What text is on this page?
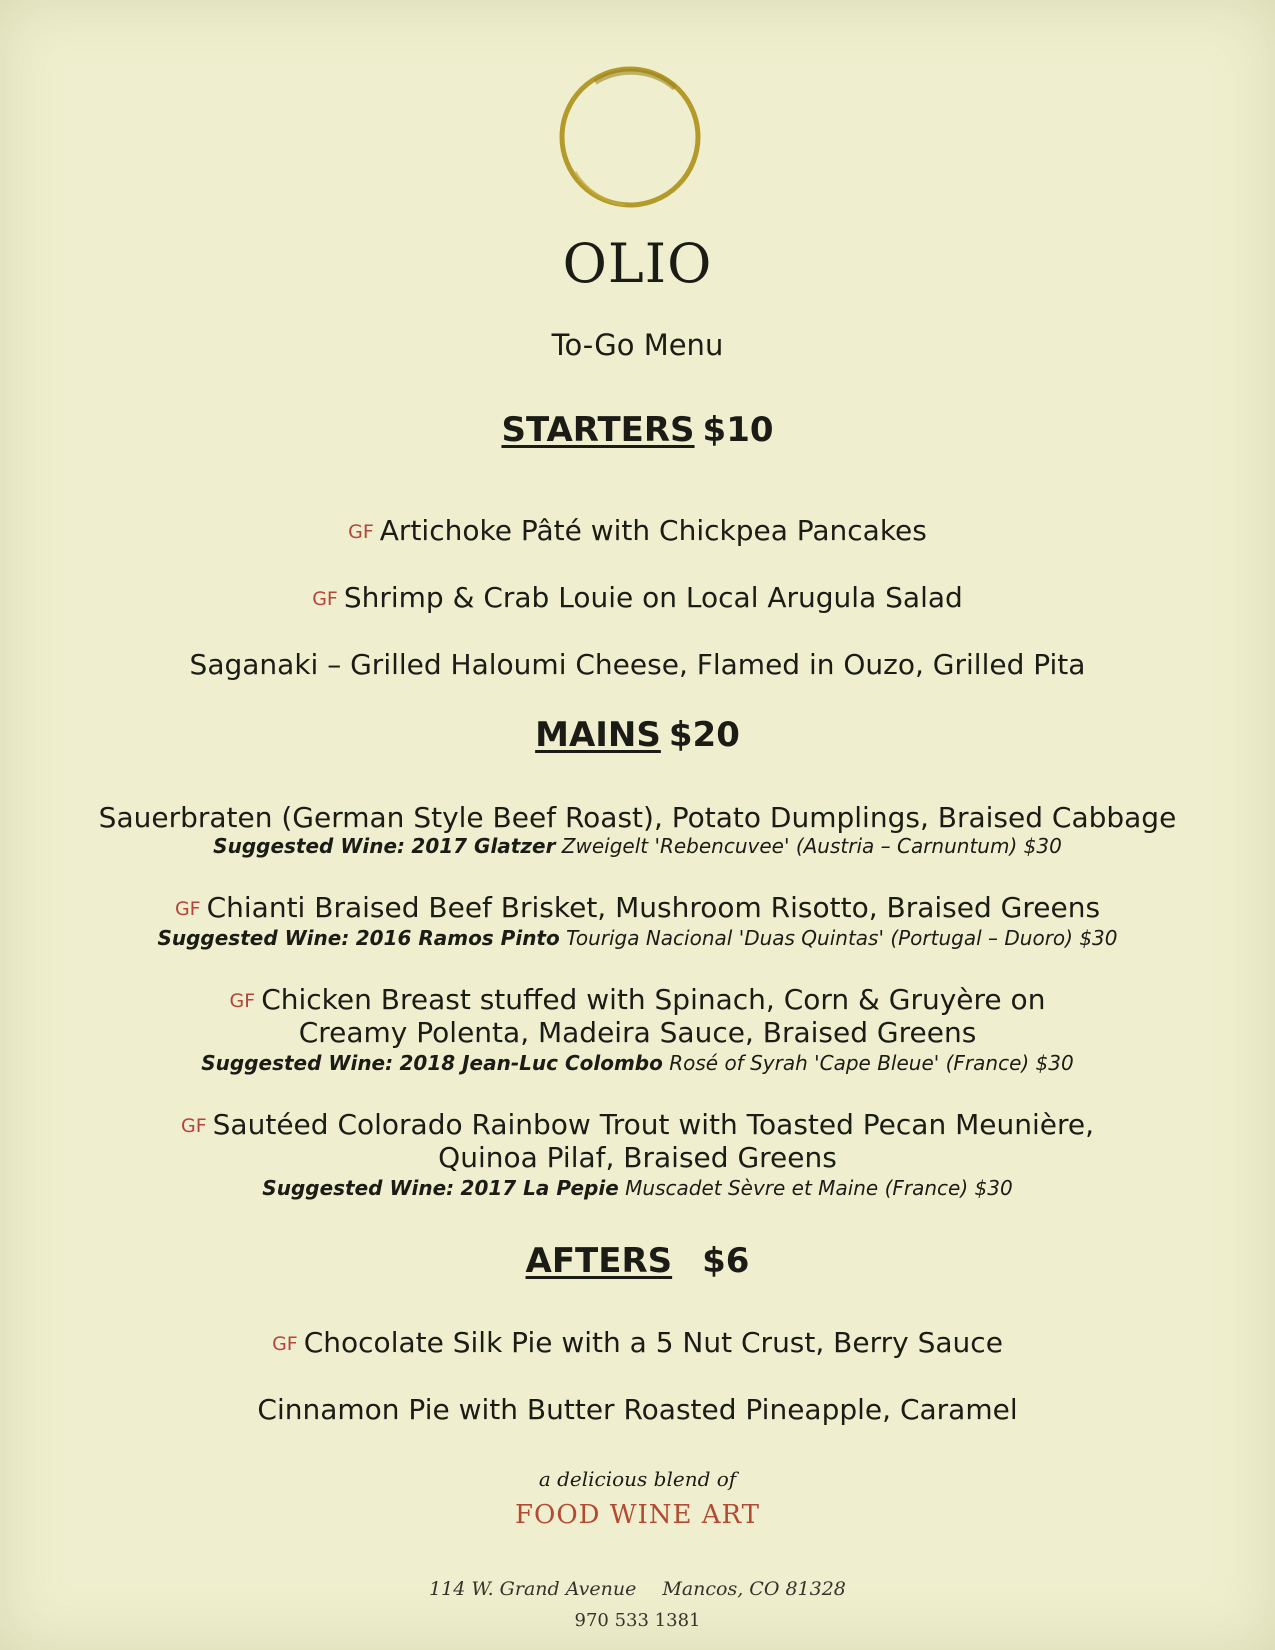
OLIO
To-Go Menu
STARTERS $10
GF Artichoke Pâté with Chickpea Pancakes
GF Shrimp & Crab Louie on Local Arugula Salad
Saganaki – Grilled Haloumi Cheese, Flamed in Ouzo, Grilled Pita
MAINS $20
Sauerbraten (German Style Beef Roast), Potato Dumplings, Braised Cabbage
Suggested Wine: 2017 Glatzer Zweigelt 'Rebencuvee' (Austria – Carnuntum) $30
GF Chianti Braised Beef Brisket, Mushroom Risotto, Braised Greens
Suggested Wine: 2016 Ramos Pinto Touriga Nacional 'Duas Quintas' (Portugal – Duoro) $30
GF Chicken Breast stuffed with Spinach, Corn & Gruyère on
Creamy Polenta, Madeira Sauce, Braised Greens
Suggested Wine: 2018 Jean-Luc Colombo Rosé of Syrah 'Cape Bleue' (France) $30
GF Sautéed Colorado Rainbow Trout with Toasted Pecan Meunière,
Quinoa Pilaf, Braised Greens
Suggested Wine: 2017 La Pepie Muscadet Sèvre et Maine (France) $30
AFTERS $6
GF Chocolate Silk Pie with a 5 Nut Crust, Berry Sauce
Cinnamon Pie with Butter Roasted Pineapple, Caramel
a delicious blend of
FOOD WINE ART
114 W. Grand Avenue Mancos, CO 81328
970 533 1381
